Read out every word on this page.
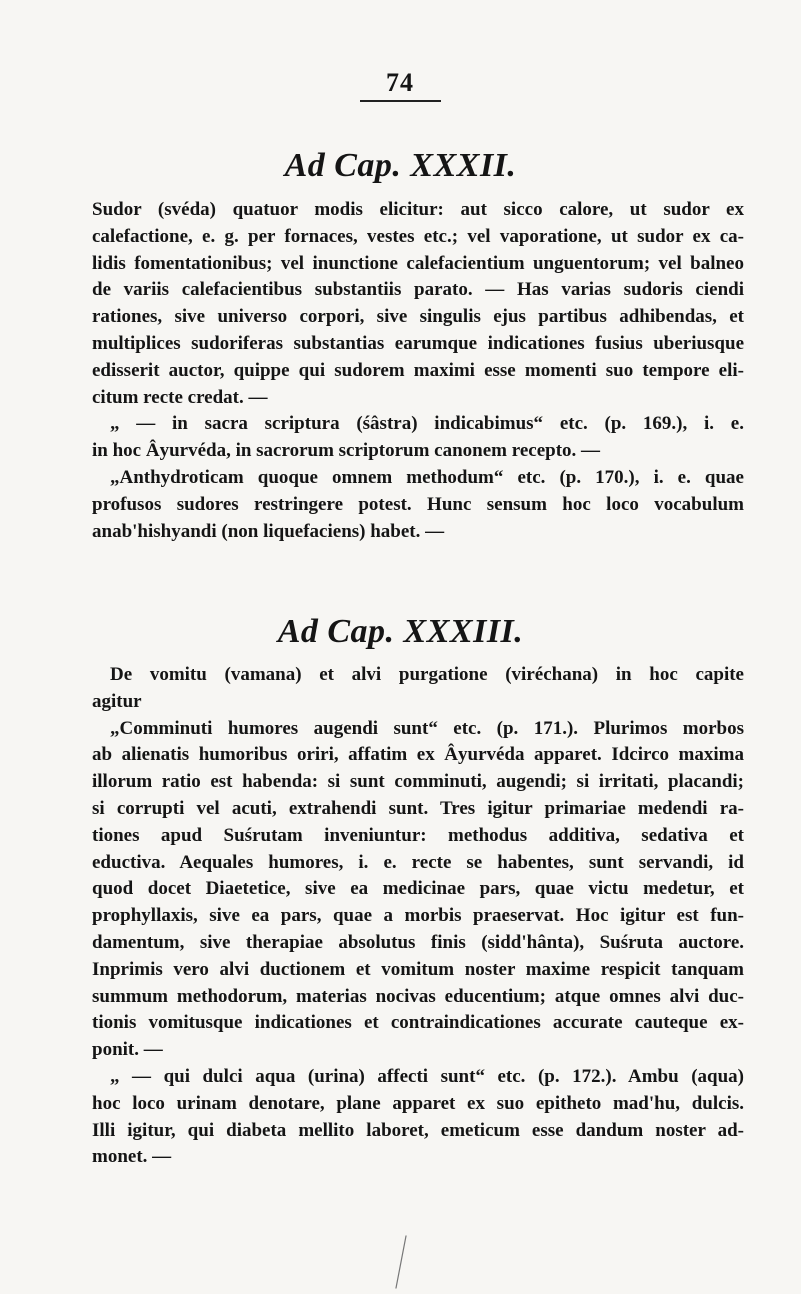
74
Ad Cap. XXXII.
Sudor (svéda) quatuor modis elicitur: aut sicco calore, ut sudor ex
calefactione, e. g. per fornaces, vestes etc.; vel vaporatione, ut sudor ex ca-
lidis fomentationibus; vel inunctione calefacientium unguentorum; vel balneo
de variis calefacientibus substantiis parato. — Has varias sudoris ciendi
rationes, sive universo corpori, sive singulis ejus partibus adhibendas, et
multiplices sudoriferas substantias earumque indicationes fusius uberiusque
edisserit auctor, quippe qui sudorem maximi esse momenti suo tempore eli-
citum recte credat. —
„ — in sacra scriptura (śâstra) indicabimus“ etc. (p. 169.), i. e.
in hoc Âyurvéda, in sacrorum scriptorum canonem recepto. —
„Anthydroticam quoque omnem methodum“ etc. (p. 170.), i. e. quae
profusos sudores restringere potest. Hunc sensum hoc loco vocabulum
anab'hishyandi (non liquefaciens) habet. —
Ad Cap. XXXIII.
De vomitu (vamana) et alvi purgatione (viréchana) in hoc capite
agitur
„Comminuti humores augendi sunt“ etc. (p. 171.). Plurimos morbos
ab alienatis humoribus oriri, affatim ex Âyurvéda apparet. Idcirco maxima
illorum ratio est habenda: si sunt comminuti, augendi; si irritati, placandi;
si corrupti vel acuti, extrahendi sunt. Tres igitur primariae medendi ra-
tiones apud Suśrutam inveniuntur: methodus additiva, sedativa et
eductiva. Aequales humores, i. e. recte se habentes, sunt servandi, id
quod docet Diaetetice, sive ea medicinae pars, quae victu medetur, et
prophyllaxis, sive ea pars, quae a morbis praeservat. Hoc igitur est fun-
damentum, sive therapiae absolutus finis (sidd'hânta), Suśruta auctore.
Inprimis vero alvi ductionem et vomitum noster maxime respicit tanquam
summum methodorum, materias nocivas educentium; atque omnes alvi duc-
tionis vomitusque indicationes et contraindicationes accurate cauteque ex-
ponit. —
„ — qui dulci aqua (urina) affecti sunt“ etc. (p. 172.). Ambu (aqua)
hoc loco urinam denotare, plane apparet ex suo epitheto mad'hu, dulcis.
Illi igitur, qui diabeta mellito laboret, emeticum esse dandum noster ad-
monet. —
